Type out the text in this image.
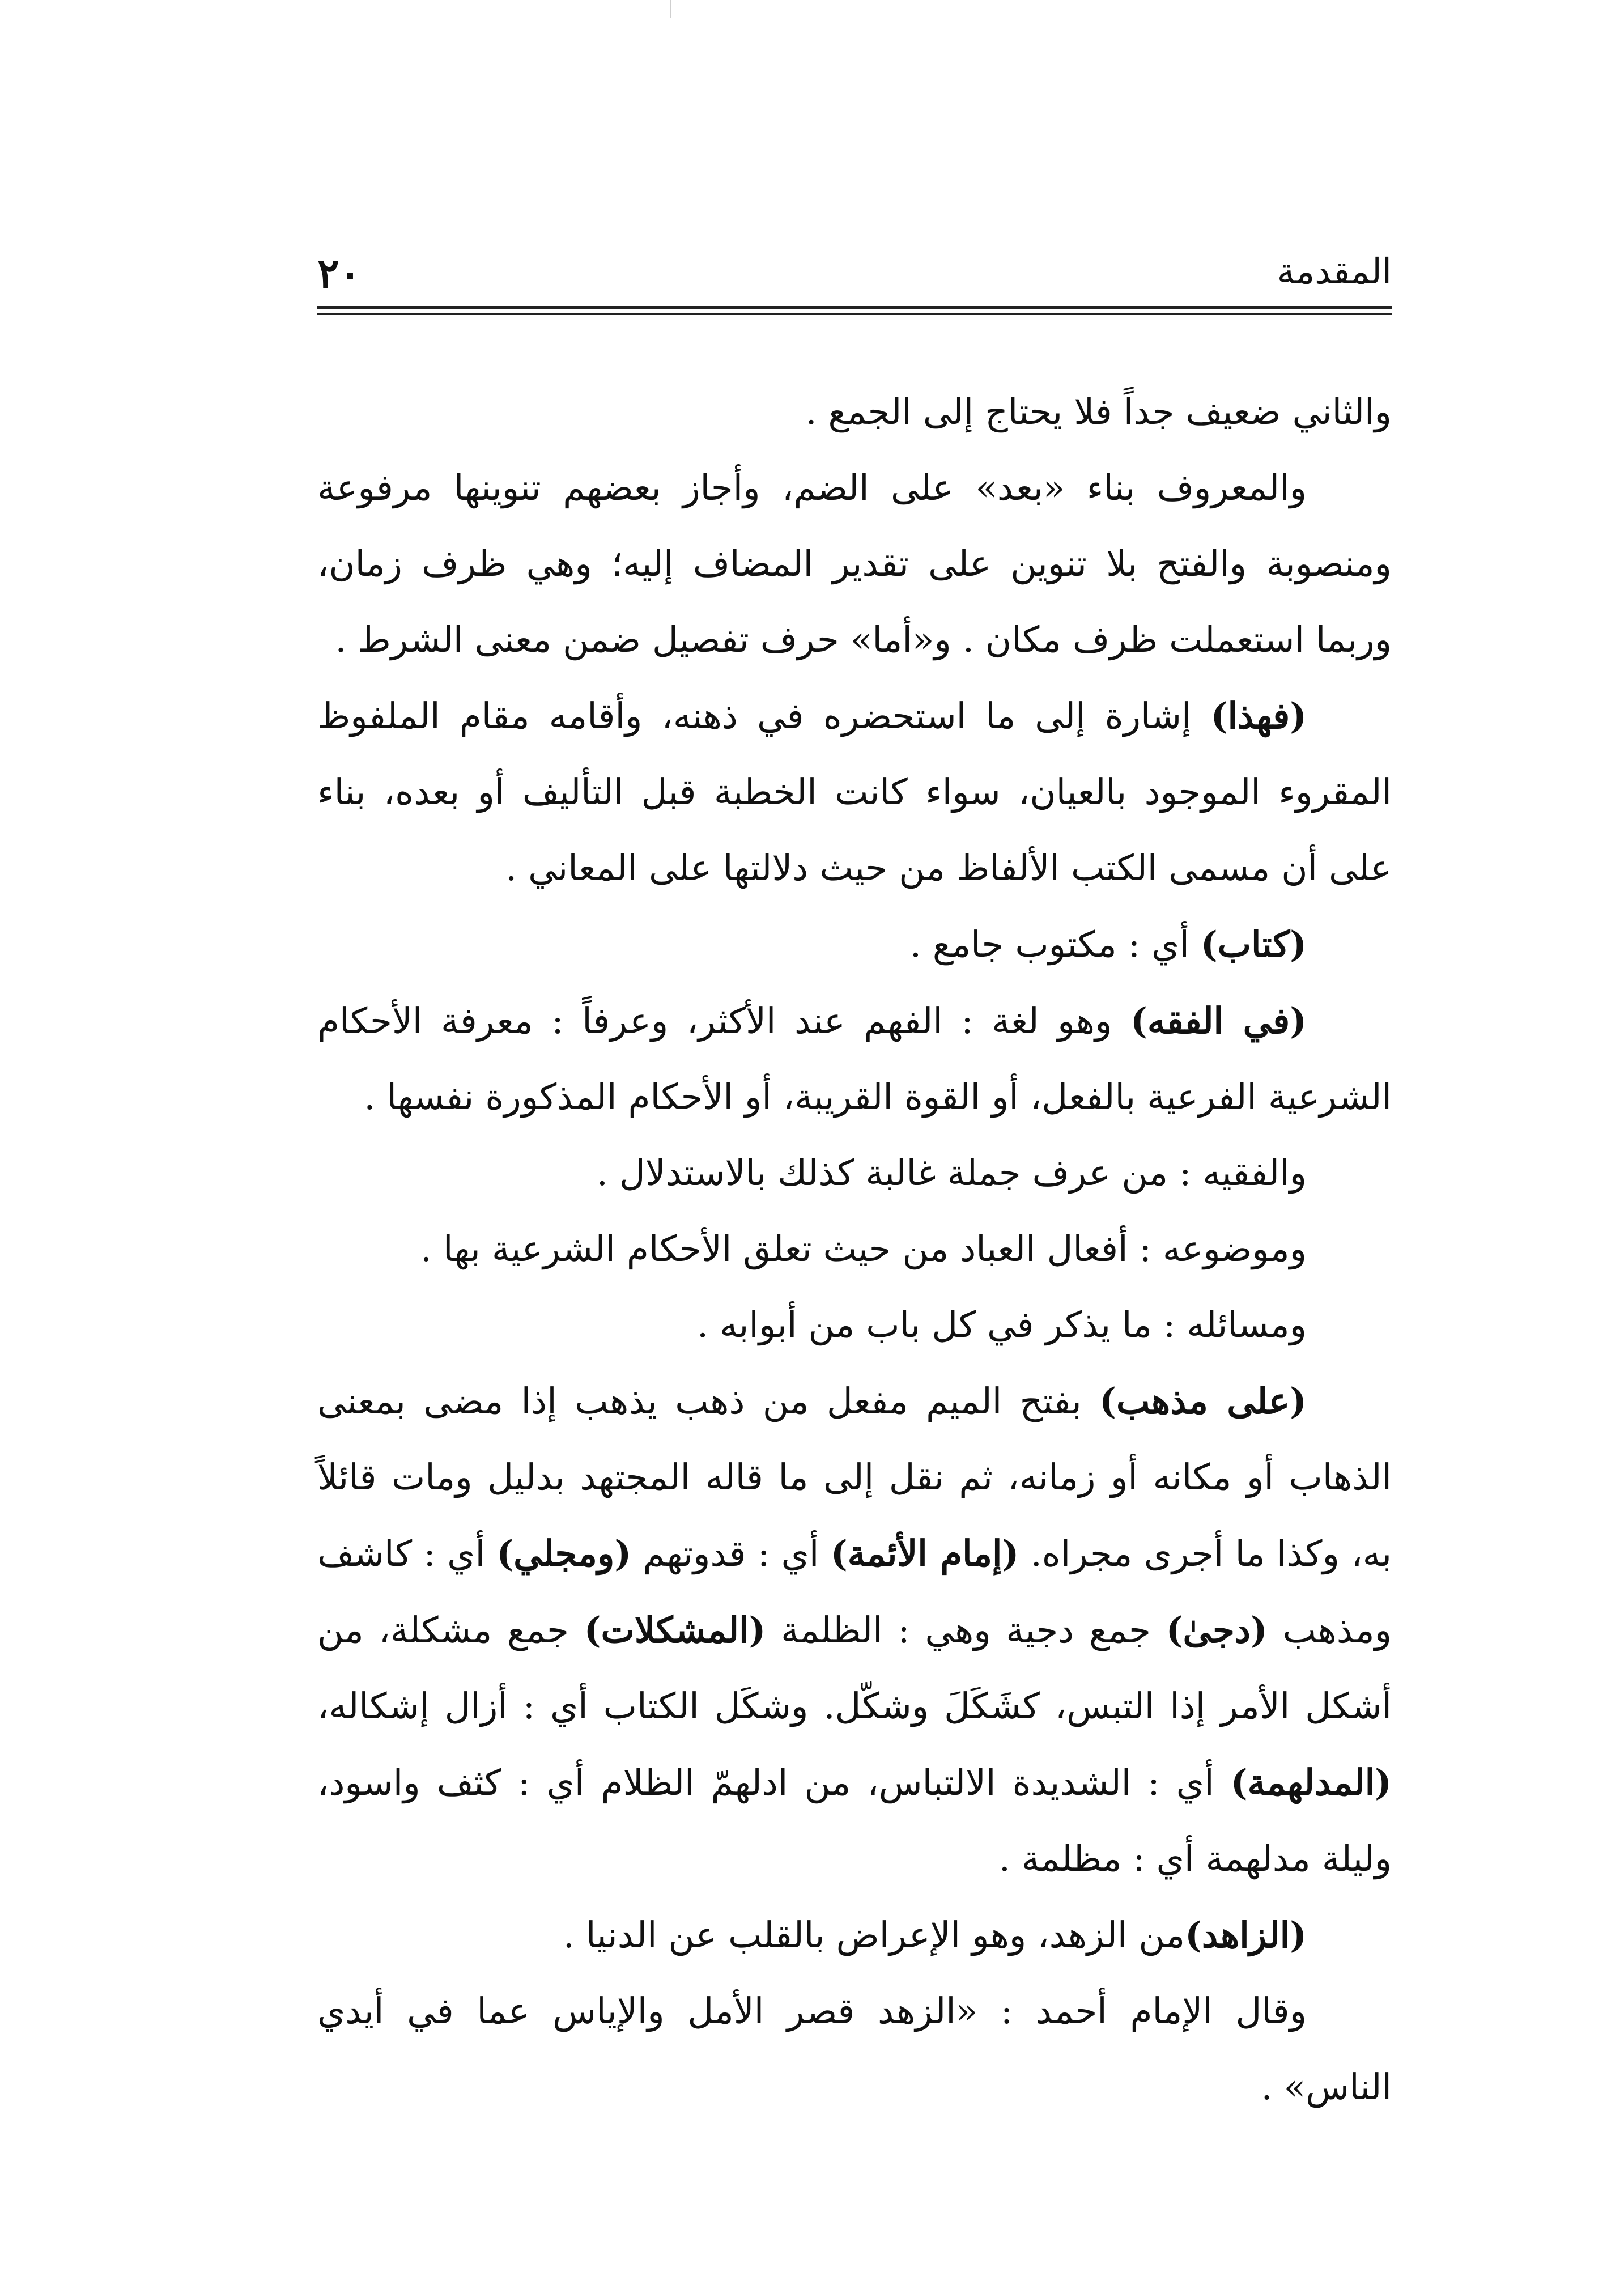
المقدمة
٢٠

والثاني ضعيف جداً فلا يحتاج إلى الجمع .

والمعروف بناء «بعد» على الضم، وأجاز بعضهم تنوينها مرفوعة ومنصوبة والفتح بلا تنوين على تقدير المضاف إليه؛ وهي ظرف زمان، وربما استعملت ظرف مكان . و«أما» حرف تفصيل ضمن معنى الشرط .

(فهذا) إشارة إلى ما استحضره في ذهنه، وأقامه مقام الملفوظ المقروء الموجود بالعيان، سواء كانت الخطبة قبل التأليف أو بعده، بناء على أن مسمى الكتب الألفاظ من حيث دلالتها على المعاني .

(كتاب) أي : مكتوب جامع .

(في الفقه) وهو لغة : الفهم عند الأكثر، وعرفاً : معرفة الأحكام الشرعية الفرعية بالفعل، أو القوة القريبة، أو الأحكام المذكورة نفسها .

والفقيه : من عرف جملة غالبة كذلك بالاستدلال .

وموضوعه : أفعال العباد من حيث تعلق الأحكام الشرعية بها .

ومسائله : ما يذكر في كل باب من أبوابه .

(على مذهب) بفتح الميم مفعل من ذهب يذهب إذا مضى بمعنى الذهاب أو مكانه أو زمانه، ثم نقل إلى ما قاله المجتهد بدليل ومات قائلاً به، وكذا ما أجرى مجراه. (إمام الأئمة) أي : قدوتهم (ومجلي) أي : كاشف ومذهب (دجىٰ) جمع دجية وهي : الظلمة (المشكلات) جمع مشكلة، من أشكل الأمر إذا التبس، كشَكَلَ وشكّل. وشكَل الكتاب أي : أزال إشكاله، (المدلهمة) أي : الشديدة الالتباس، من ادلهمّ الظلام أي : كثف واسود، وليلة مدلهمة أي : مظلمة .

(الزاهد)من الزهد، وهو الإعراض بالقلب عن الدنيا .

وقال الإمام أحمد : «الزهد قصر الأمل والإياس عما في أيدي الناس» .
